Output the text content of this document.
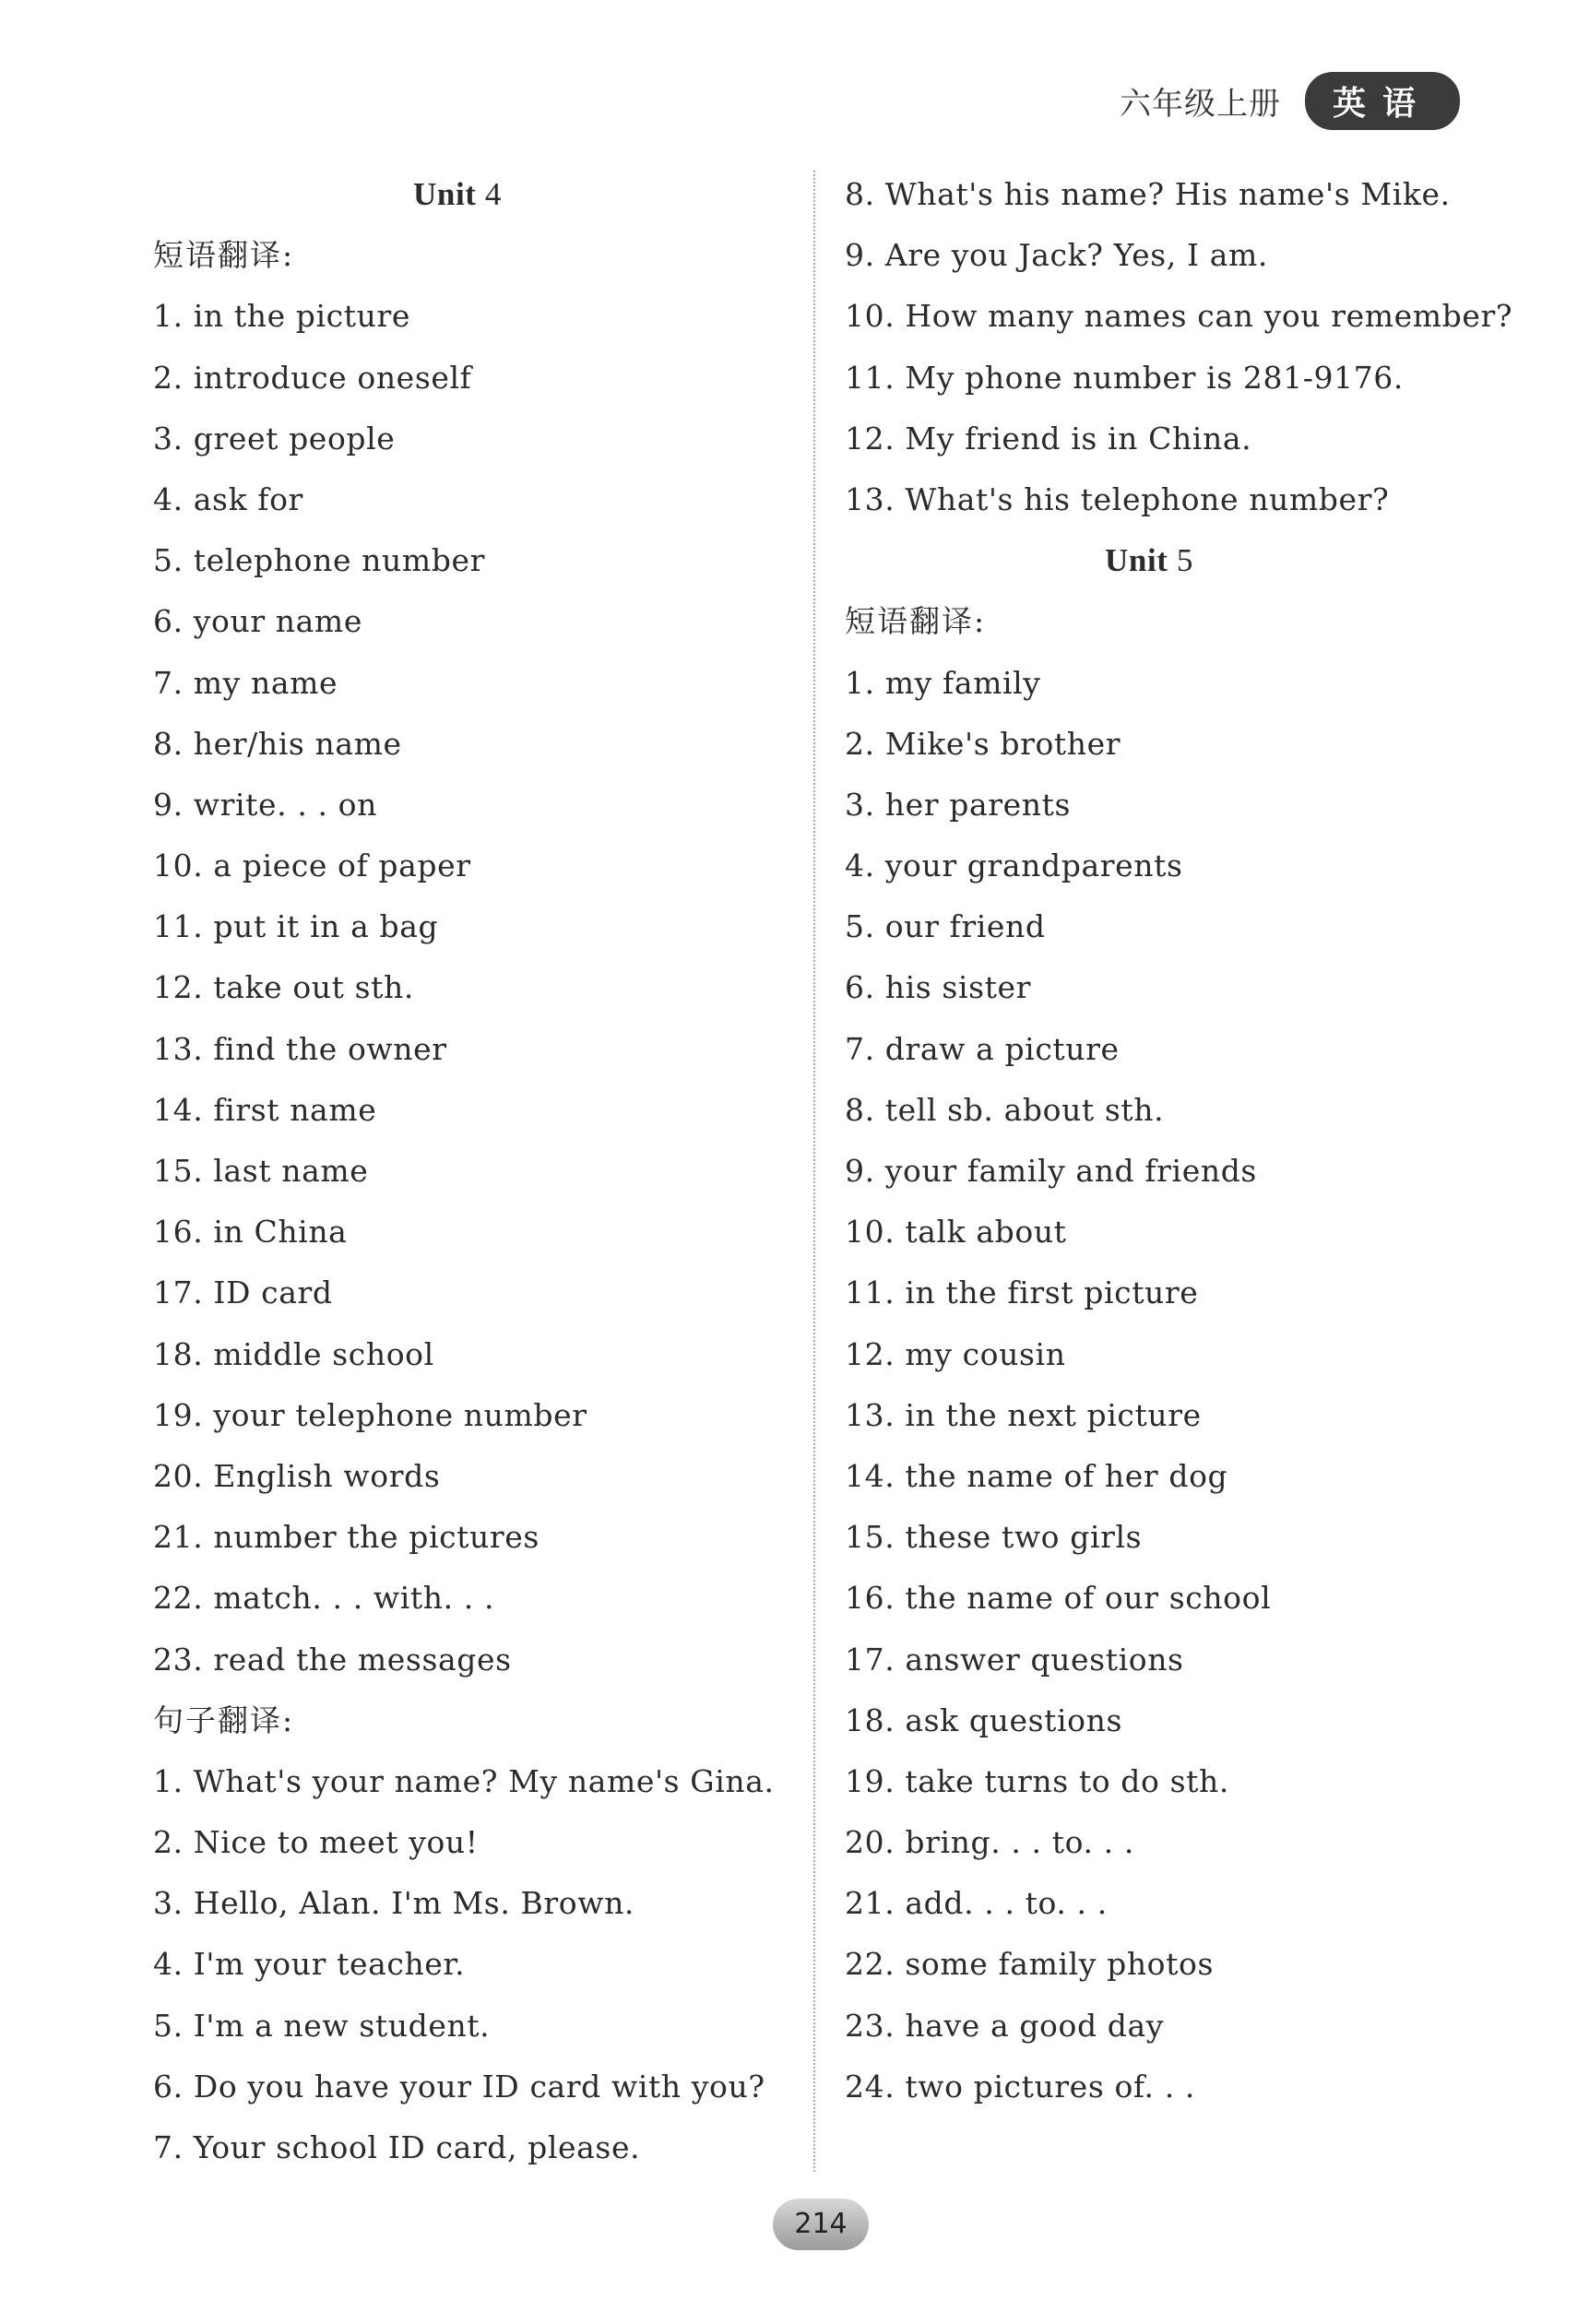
六年级上册	英语
Unit 4
短语翻译:
1. in the picture
2. introduce oneself
3. greet people
4. ask for
5. telephone number
6. your name
7. my name
8. her/his name
9. write. . . on
10. a piece of paper
11. put it in a bag
12. take out sth.
13. find the owner
14. first name
15. last name
16. in China
17. ID card
18. middle school
19. your telephone number
20. English words
21. number the pictures
22. match. . . with. . .
23. read the messages
句子翻译:
1. What's your name? My name's Gina.
2. Nice to meet you!
3. Hello, Alan. I'm Ms. Brown.
4. I'm your teacher.
5. I'm a new student.
6. Do you have your ID card with you?
7. Your school ID card, please.
8. What's his name? His name's Mike.
9. Are you Jack? Yes, I am.
10. How many names can you remember?
11. My phone number is 281-9176.
12. My friend is in China.
13. What's his telephone number?
Unit 5
短语翻译:
1. my family
2. Mike's brother
3. her parents
4. your grandparents
5. our friend
6. his sister
7. draw a picture
8. tell sb. about sth.
9. your family and friends
10. talk about
11. in the first picture
12. my cousin
13. in the next picture
14. the name of her dog
15. these two girls
16. the name of our school
17. answer questions
18. ask questions
19. take turns to do sth.
20. bring. . . to. . .
21. add. . . to. . .
22. some family photos
23. have a good day
24. two pictures of. . .
214
